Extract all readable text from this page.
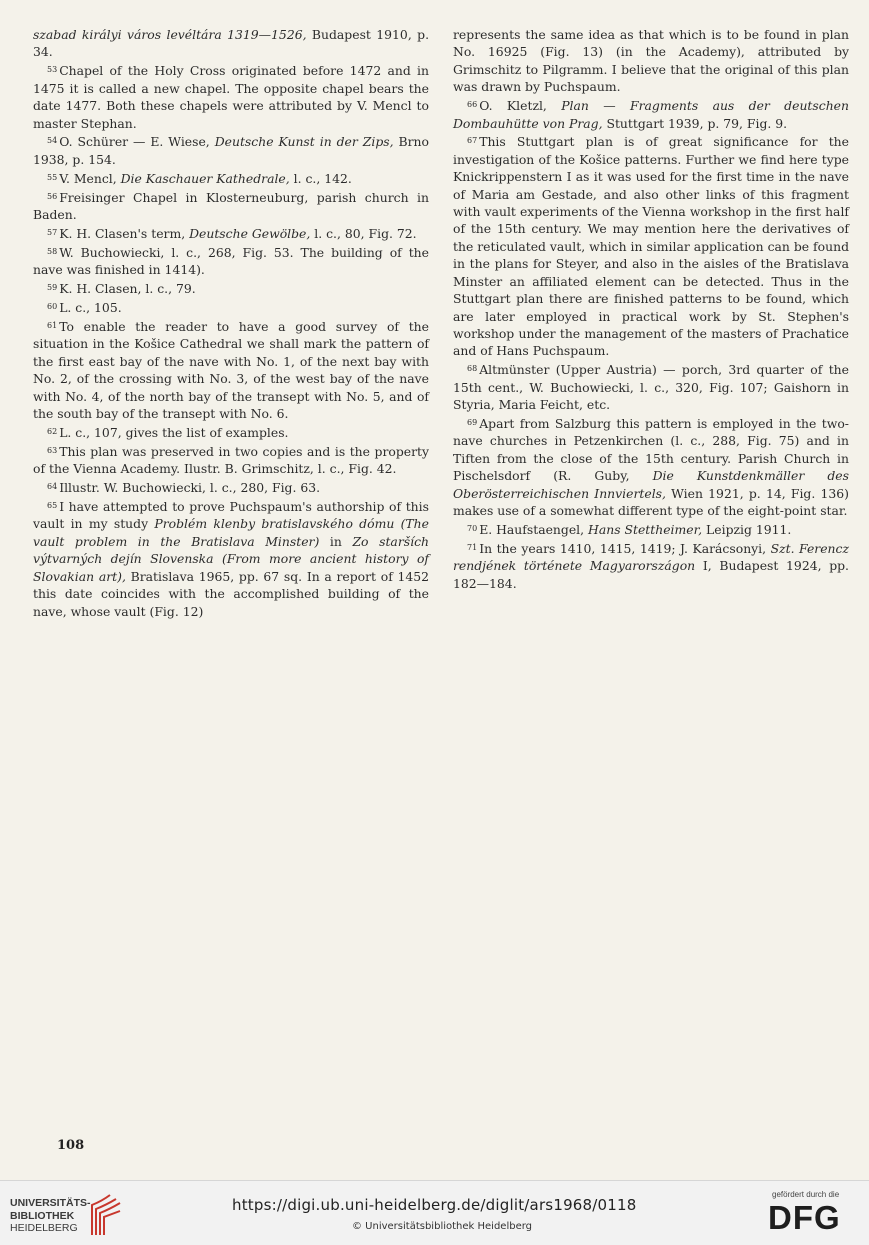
szabad királyi város levéltára 1319—1526, Budapest 1910, p. 34.

$^{53}$ Chapel of the Holy Cross originated before 1472 and in 1475 it is called a new chapel. The opposite chapel bears the date 1477. Both these chapels were attributed by V. Mencl to master Stephan.

$^{54}$ O. Schürer — E. Wiese, Deutsche Kunst in der Zips, Brno 1938, p. 154.

$^{55}$ V. Mencl, Die Kaschauer Kathedrale, l. c., 142.

$^{56}$ Freisinger Chapel in Klosterneuburg, parish church in Baden.

$^{57}$ K. H. Clasen's term, Deutsche Gewölbe, l. c., 80, Fig. 72.

$^{58}$ W. Buchowiecki, l. c., 268, Fig. 53. The building of the nave was finished in 1414).

$^{59}$ K. H. Clasen, l. c., 79.

$^{60}$ L. c., 105.

$^{61}$ To enable the reader to have a good survey of the situation in the Košice Cathedral we shall mark the pattern of the first east bay of the nave with No. 1, of the next bay with No. 2, of the crossing with No. 3, of the west bay of the nave with No. 4, of the north bay of the transept with No. 5, and of the south bay of the transept with No. 6.

$^{62}$ L. c., 107, gives the list of examples.

$^{63}$ This plan was preserved in two copies and is the property of the Vienna Academy. Ilustr. B. Grimschitz, l. c., Fig. 42.

$^{64}$ Illustr. W. Buchowiecki, l. c., 280, Fig. 63.

$^{65}$ I have attempted to prove Puchspaum's authorship of this vault in my study Problém klenby bratislavského dómu (The vault problem in the Bratislava Minster) in Zo starších výtvarných dejín Slovenska (From more ancient history of Slovakian art), Bratislava 1965, pp. 67 sq. In a report of 1452 this date coincides with the accomplished building of the nave, whose vault (Fig. 12)

represents the same idea as that which is to be found in plan No. 16925 (Fig. 13) (in the Academy), attributed by Grimschitz to Pilgramm. I believe that the original of this plan was drawn by Puchspaum.

$^{66}$ O. Kletzl, Plan — Fragments aus der deutschen Dombauhütte von Prag, Stuttgart 1939, p. 79, Fig. 9.

$^{67}$ This Stuttgart plan is of great significance for the investigation of the Košice patterns. Further we find here type Knickrippenstern I as it was used for the first time in the nave of Maria am Gestade, and also other links of this fragment with vault experiments of the Vienna workshop in the first half of the 15th century. We may mention here the derivatives of the reticulated vault, which in similar application can be found in the plans for Steyer, and also in the aisles of the Bratislava Minster an affiliated element can be detected. Thus in the Stuttgart plan there are finished patterns to be found, which are later employed in practical work by St. Stephen's workshop under the management of the masters of Prachatice and of Hans Puchspaum.

$^{68}$ Altmünster (Upper Austria) — porch, 3rd quarter of the 15th cent., W. Buchowiecki, l. c., 320, Fig. 107; Gaishorn in Styria, Maria Feicht, etc.

$^{69}$ Apart from Salzburg this pattern is employed in the two-nave churches in Petzenkirchen (l. c., 288, Fig. 75) and in Tiften from the close of the 15th century. Parish Church in Pischelsdorf (R. Guby, Die Kunstdenkmäller des Oberösterreichischen Innviertels, Wien 1921, p. 14, Fig. 136) makes use of a somewhat different type of the eight-point star.

$^{70}$ E. Haufstaengel, Hans Stettheimer, Leipzig 1911.

$^{71}$ In the years 1410, 1415, 1419; J. Karácsonyi, Szt. Ferencz rendjének története Magyarországon I, Budapest 1924, pp. 182—184.

108
UNIVERSITÄTS-
BIBLIOTHEK
HEIDELBERG
https://digi.ub.uni-heidelberg.de/diglit/ars1968/0118
© Universitätsbibliothek Heidelberg
gefördert durch die
DFG
